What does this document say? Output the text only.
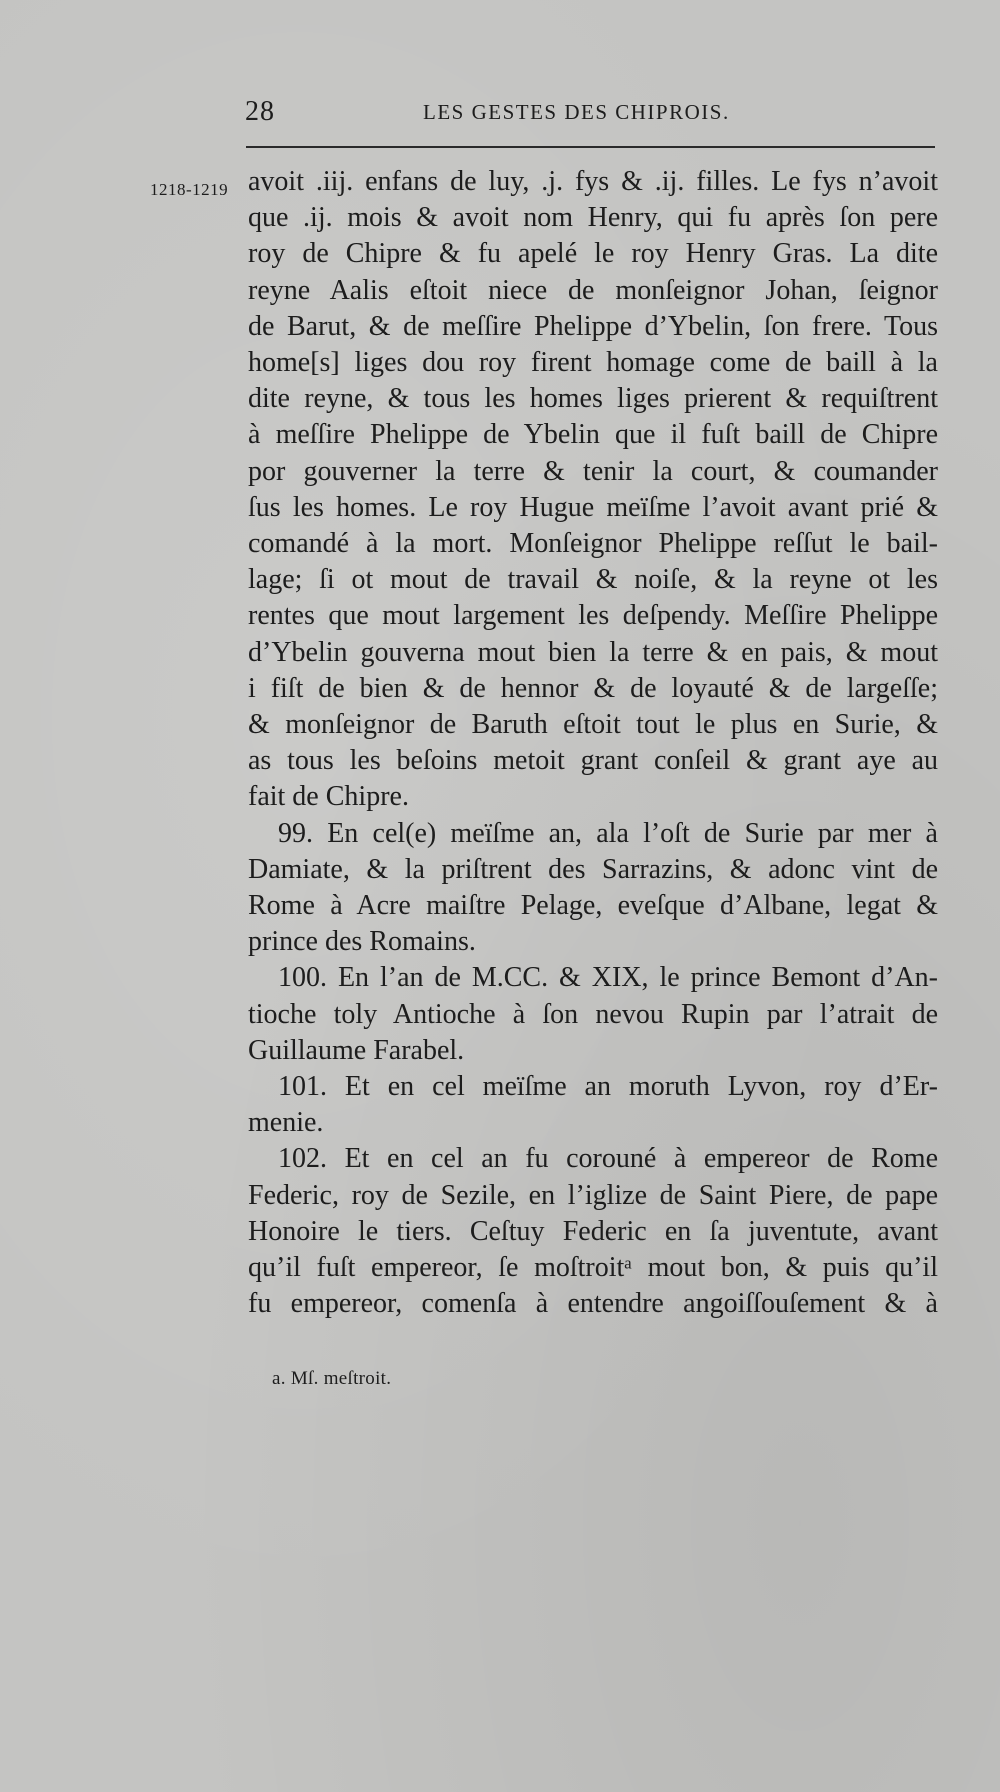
28	LES GESTES DES CHIPROIS.
1218-1219 avoit .iij. enfans de luy, .j. fys & .ij. filles. Le fys n’avoit
que .ij. mois & avoit nom Henry, qui fu après ſon pere
roy de Chipre & fu apelé le roy Henry Gras. La dite
reyne Aalis eſtoit niece de monſeignor Johan, ſeignor
de Barut, & de meſſire Phelippe d’Ybelin, ſon frere. Tous
home[s] liges dou roy firent homage come de baill à la
dite reyne, & tous les homes liges prierent & requiſtrent
à meſſire Phelippe de Ybelin que il fuſt baill de Chipre
por gouverner la terre & tenir la court, & coumander
ſus les homes. Le roy Hugue meïſme l’avoit avant prié &
comandé à la mort. Monſeignor Phelippe reſſut le bail-
lage; ſi ot mout de travail & noiſe, & la reyne ot les
rentes que mout largement les deſpendy. Meſſire Phelippe
d’Ybelin gouverna mout bien la terre & en pais, & mout
i fiſt de bien & de hennor & de loyauté & de largeſſe;
& monſeignor de Baruth eſtoit tout le plus en Surie, &
as tous les beſoins metoit grant conſeil & grant aye au
fait de Chipre.
99. En cel(e) meïſme an, ala l’oſt de Surie par mer à
Damiate, & la priſtrent des Sarrazins, & adonc vint de
Rome à Acre maiſtre Pelage, eveſque d’Albane, legat &
prince des Romains.
100. En l’an de M.CC. & XIX, le prince Bemont d’An-
tioche toly Antioche à ſon nevou Rupin par l’atrait de
Guillaume Farabel.
101. Et en cel meïſme an moruth Lyvon, roy d’Er-
menie.
102. Et en cel an fu corouné à empereor de Rome
Federic, roy de Sezile, en l’iglize de Saint Piere, de pape
Honoire le tiers. Ceſtuy Federic en ſa juventute, avant
qu’il fuſt empereor, ſe moſtroitᵃ mout bon, & puis qu’il
fu empereor, comenſa à entendre angoiſſouſement & à
a. Mſ. meſtroit.
